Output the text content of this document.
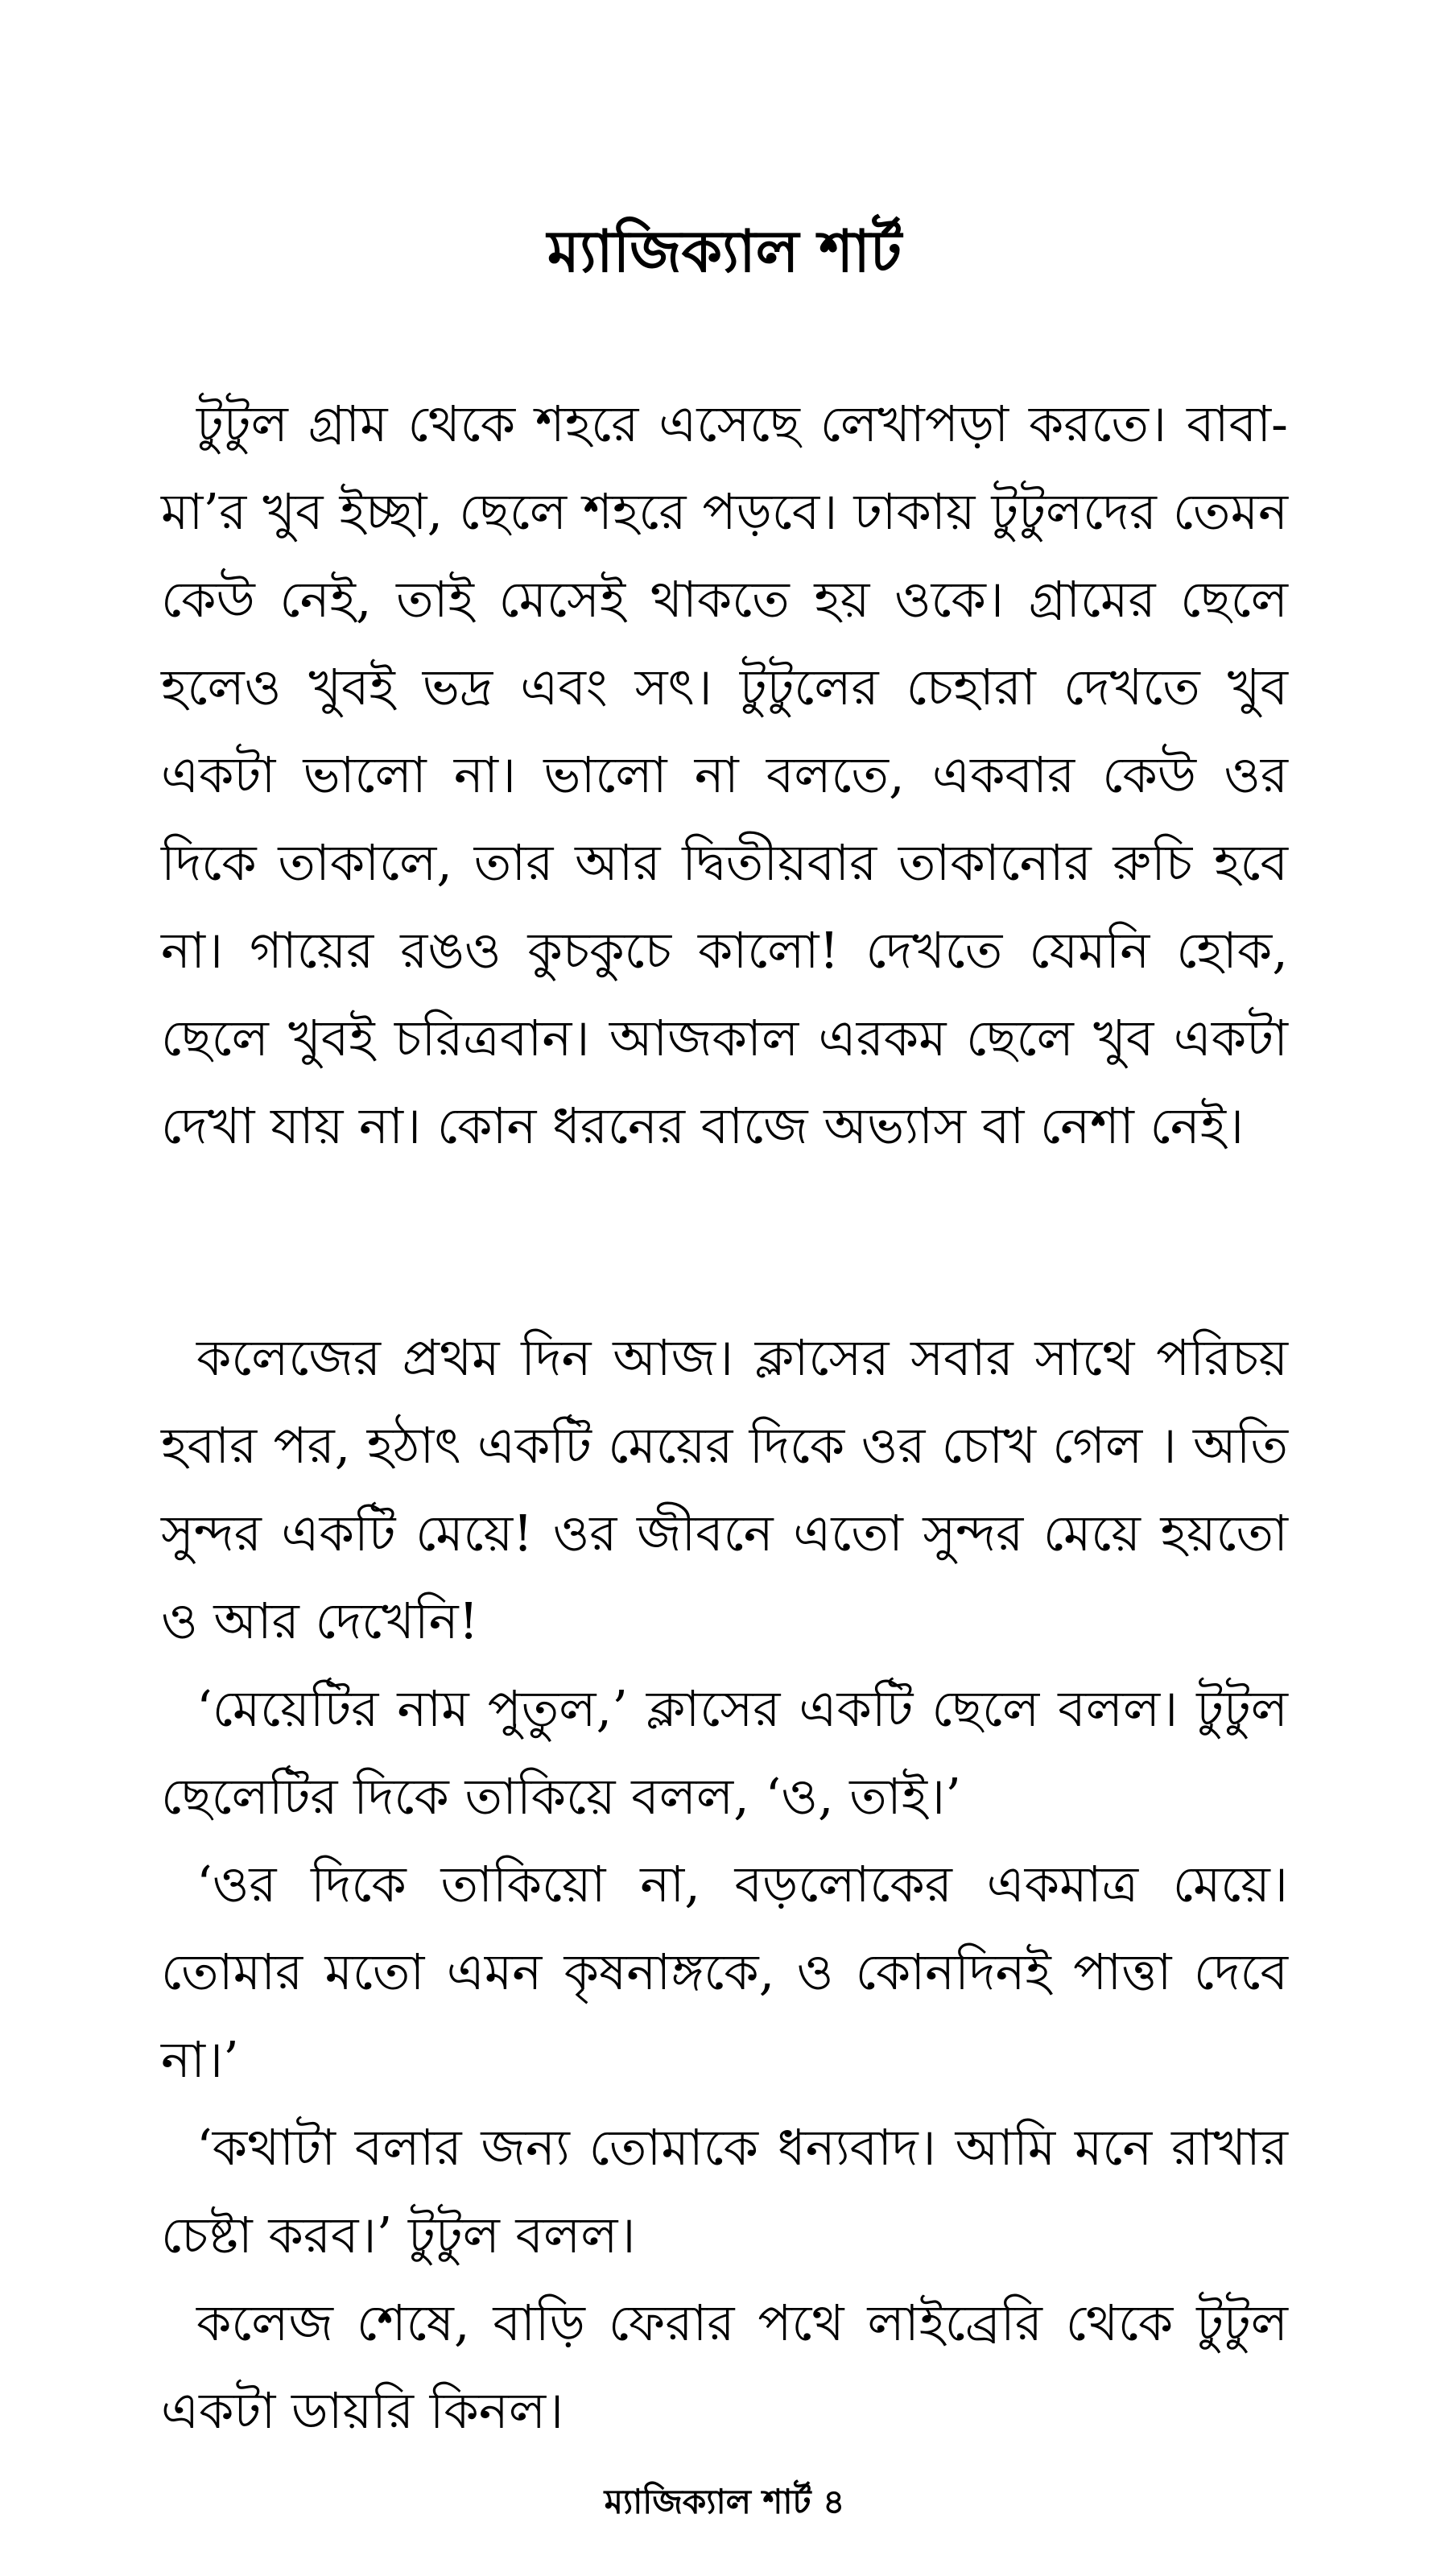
ম্যাজিক্যাল শার্ট

টুটুল গ্রাম থেকে শহরে এসেছে লেখাপড়া করতে। বাবা-মা’র খুব ইচ্ছা, ছেলে শহরে পড়বে। ঢাকায় টুটুলদের তেমন কেউ নেই, তাই মেসেই থাকতে হয় ওকে। গ্রামের ছেলে হলেও খুবই ভদ্র এবং সৎ। টুটুলের চেহারা দেখতে খুব একটা ভালো না। ভালো না বলতে, একবার কেউ ওর দিকে তাকালে, তার আর দ্বিতীয়বার তাকানোর রুচি হবে না। গায়ের রঙও কুচকুচে কালো! দেখতে যেমনি হোক, ছেলে খুবই চরিত্রবান। আজকাল এরকম ছেলে খুব একটা দেখা যায় না। কোন ধরনের বাজে অভ্যাস বা নেশা নেই।

কলেজের প্রথম দিন আজ। ক্লাসের সবার সাথে পরিচয় হবার পর, হঠাৎ একটি মেয়ের দিকে ওর চোখ গেল । অতি সুন্দর একটি মেয়ে! ওর জীবনে এতো সুন্দর মেয়ে হয়তো ও আর দেখেনি!

‘মেয়েটির নাম পুতুল,’ ক্লাসের একটি ছেলে বলল। টুটুল ছেলেটির দিকে তাকিয়ে বলল, ‘ও, তাই।’

‘ওর দিকে তাকিয়ো না, বড়লোকের একমাত্র মেয়ে। তোমার মতো এমন কৃষনাঙ্গকে, ও কোনদিনই পাত্তা দেবে না।’

‘কথাটা বলার জন্য তোমাকে ধন্যবাদ। আমি মনে রাখার চেষ্টা করব।’ টুটুল বলল।

কলেজ শেষে, বাড়ি ফেরার পথে লাইব্রেরি থেকে টুটুল একটা ডায়রি কিনল।

ম্যাজিক্যাল শার্ট ৪
